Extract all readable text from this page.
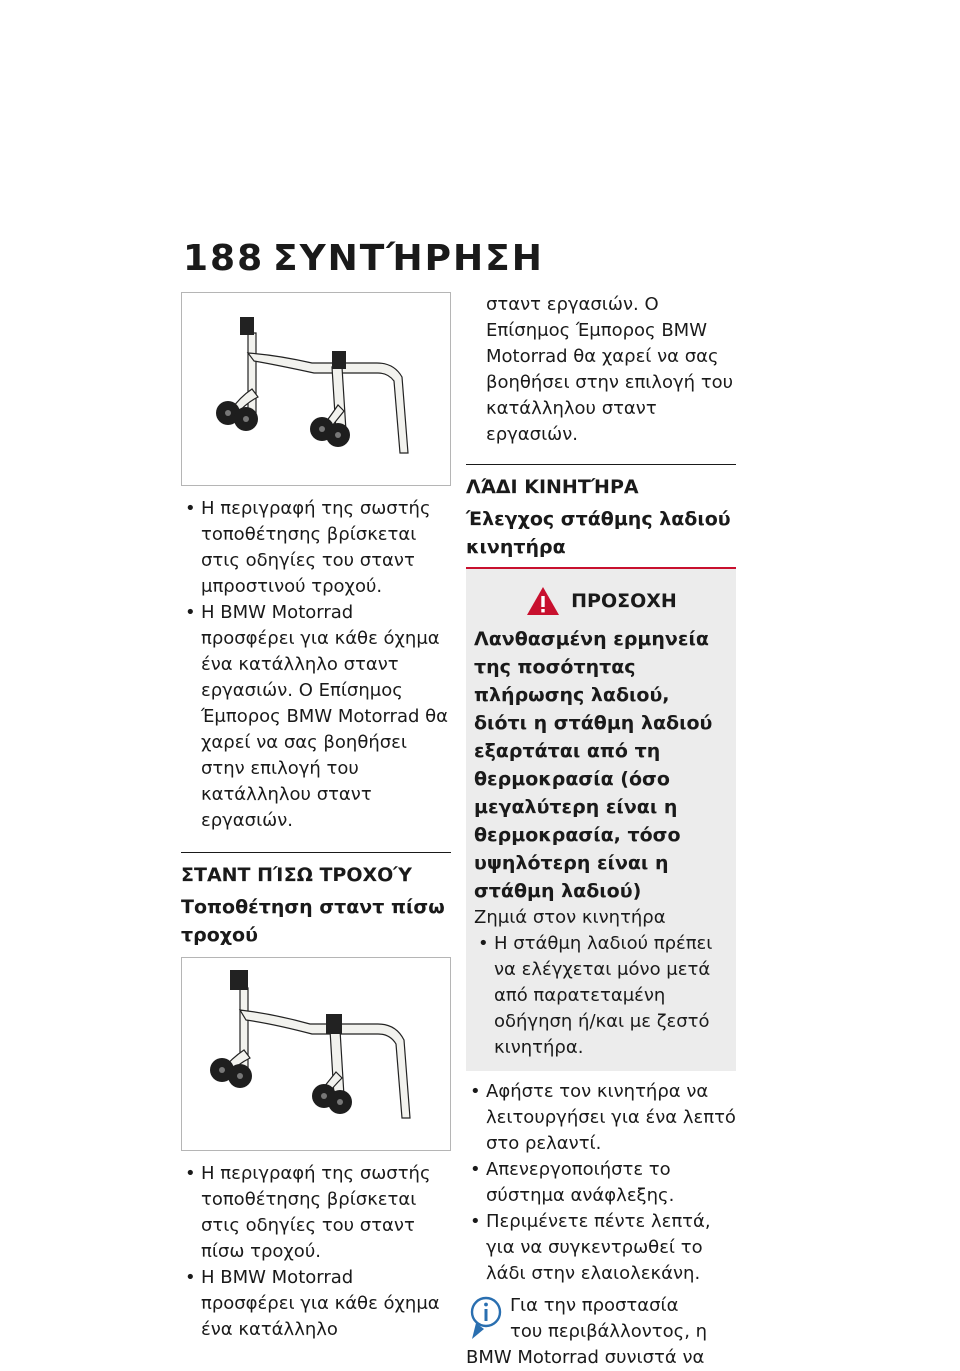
188 ΣΥΝΤΉΡΗΣΗ
• Η περιγραφή της σωστής τοποθέτησης βρίσκεται στις οδηγίες του σταντ μπροστινού τροχού.
• Η BMW Motorrad προσφέρει για κάθε όχημα ένα κατάλληλο σταντ εργασιών. Ο Επίσημος Έμπορος BMW Motorrad θα χαρεί να σας βοηθήσει στην επιλογή του κατάλληλου σταντ εργασιών.
ΣΤΑΝΤ ΠΊΣΩ ΤΡΟΧΟΎ
Τοποθέτηση σταντ πίσω τροχού
• Η περιγραφή της σωστής τοποθέτησης βρίσκεται στις οδηγίες του σταντ πίσω τροχού.
• Η BMW Motorrad προσφέρει για κάθε όχημα ένα κατάλληλο
σταντ εργασιών. Ο Επίσημος Έμπορος BMW Motorrad θα χαρεί να σας βοηθήσει στην επιλογή του κατάλληλου σταντ εργασιών.
ΛΆΔΙ ΚΙΝΗΤΉΡΑ
Έλεγχος στάθμης λαδιού κινητήρα
ΠΡΟΣΟΧΗ
Λανθασμένη ερμηνεία της ποσότητας πλήρωσης λαδιού, διότι η στάθμη λαδιού εξαρτάται από τη θερμοκρασία (όσο μεγαλύτερη είναι η θερμοκρασία, τόσο υψηλότερη είναι η στάθμη λαδιού)
Ζημιά στον κινητήρα
• Η στάθμη λαδιού πρέπει να ελέγχεται μόνο μετά από παρατεταμένη οδήγηση ή/και με ζεστό κινητήρα.
• Αφήστε τον κινητήρα να λειτουργήσει για ένα λεπτό στο ρελαντί.
• Απενεργοποιήστε το σύστημα ανάφλεξης.
• Περιμένετε πέντε λεπτά, για να συγκεντρωθεί το λάδι στην ελαιολεκάνη.
Για την προστασία
του περιβάλλοντος, η
BMW Motorrad συνιστά να
